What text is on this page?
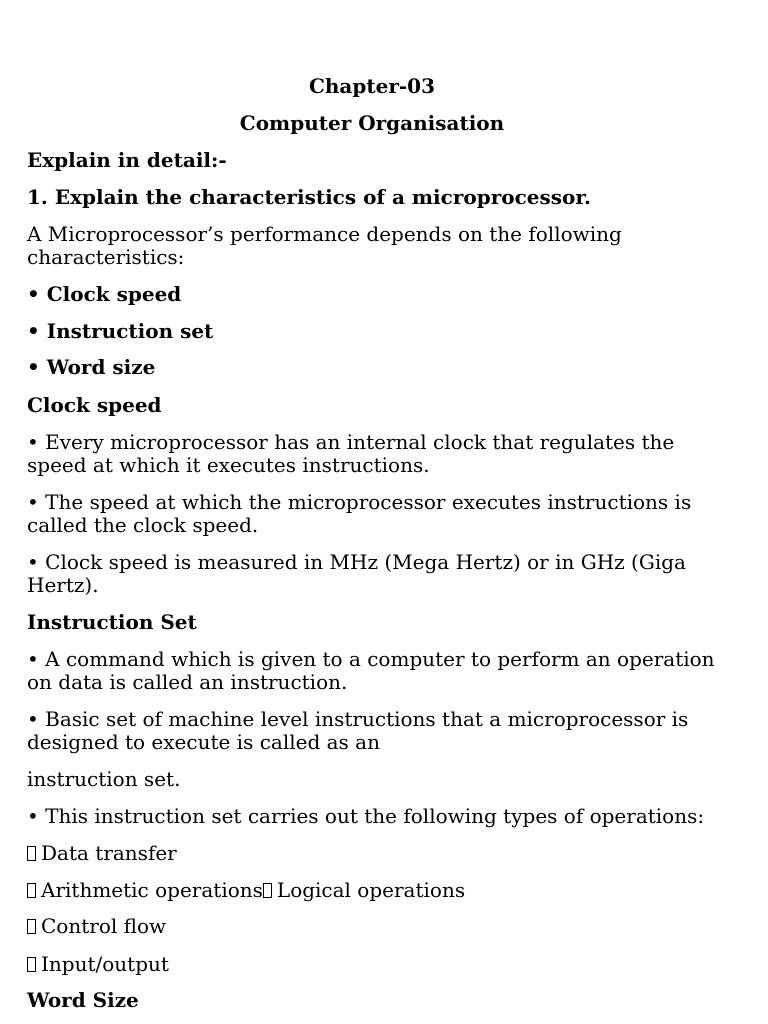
Chapter-03
Computer Organisation
Explain in detail:-
1. Explain the characteristics of a microprocessor.
A Microprocessor’s performance depends on the following
characteristics:
• Clock speed
• Instruction set
• Word size
Clock speed
• Every microprocessor has an internal clock that regulates the
speed at which it executes instructions.
• The speed at which the microprocessor executes instructions is
called the clock speed.
• Clock speed is measured in MHz (Mega Hertz) or in GHz (Giga
Hertz).
Instruction Set
• A command which is given to a computer to perform an operation
on data is called an instruction.
• Basic set of machine level instructions that a microprocessor is
designed to execute is called as an
instruction set.
• This instruction set carries out the following types of operations:
Data transfer
Arithmetic operations Logical operations
Control flow
Input/output
Word Size
